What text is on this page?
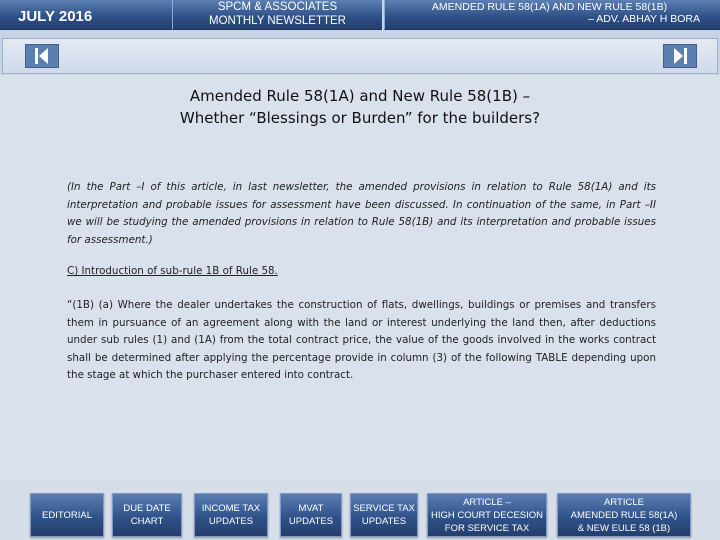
JULY 2016
SPCM & ASSOCIATES
MONTHLY NEWSLETTER
AMENDED RULE 58(1A) AND NEW RULE 58(1B)
– ADV. ABHAY H BORA
Amended Rule 58(1A) and New Rule 58(1B) –
Whether “Blessings or Burden” for the builders?
(In the Part –I of this article, in last newsletter, the amended provisions in relation to Rule 58(1A) and its interpretation and probable issues for assessment have been discussed. In continuation of the same, in Part –II we will be studying the amended provisions in relation to Rule 58(1B) and its interpretation and probable issues for assessment.)
C) Introduction of sub-rule 1B of Rule 58.
“(1B) (a) Where the dealer undertakes the construction of flats, dwellings, buildings or premises and transfers them in pursuance of an agreement along with the land or interest underlying the land then, after deductions under sub rules (1) and (1A) from the total contract price, the value of the goods involved in the works contract shall be determined after applying the percentage provide in column (3) of the following TABLE depending upon the stage at which the purchaser entered into contract.
EDITORIAL
DUE DATE
CHART
INCOME TAX
UPDATES
MVAT
UPDATES
SERVICE TAX
UPDATES
ARTICLE –
HIGH COURT DECESION
FOR SERVICE TAX
ARTICLE
AMENDED RULE 58(1A)
& NEW EULE 58 (1B)
